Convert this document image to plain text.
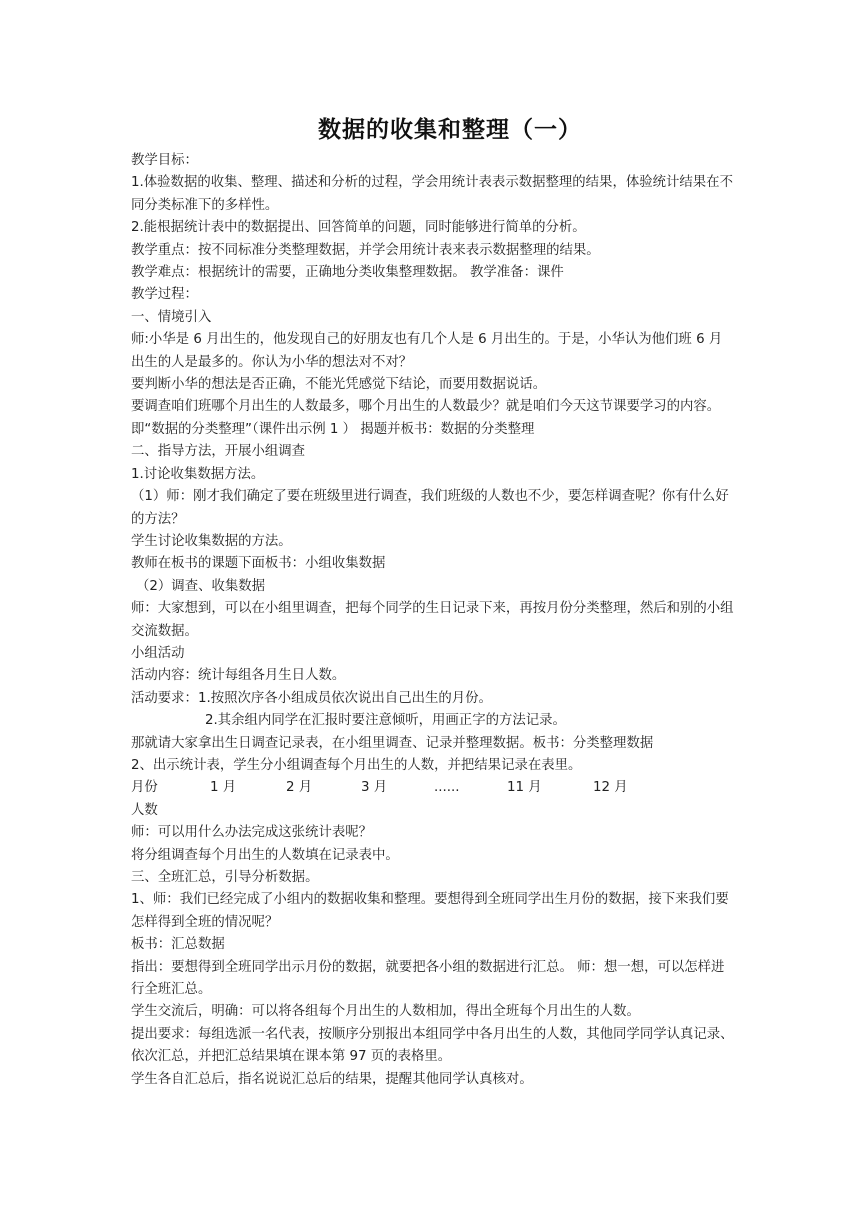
数据的收集和整理（一）

教学目标：

1.体验数据的收集、整理、描述和分析的过程，学会用统计表表示数据整理的结果，体验统计结果在不同分类标准下的多样性。

2.能根据统计表中的数据提出、回答简单的问题，同时能够进行简单的分析。

教学重点：按不同标准分类整理数据，并学会用统计表来表示数据整理的结果。

教学难点：根据统计的需要，正确地分类收集整理数据。 教学准备：课件

教学过程：

一、情境引入

师:小华是 6 月出生的，他发现自己的好朋友也有几个人是 6 月出生的。于是，小华认为他们班 6 月出生的人是最多的。你认为小华的想法对不对？

要判断小华的想法是否正确，不能光凭感觉下结论，而要用数据说话。

要调查咱们班哪个月出生的人数最多，哪个月出生的人数最少？就是咱们今天这节课要学习的内容。即“数据的分类整理”（课件出示例 1 ） 揭题并板书：数据的分类整理

二、指导方法，开展小组调查

1.讨论收集数据方法。

（1）师：刚才我们确定了要在班级里进行调查，我们班级的人数也不少，要怎样调查呢？你有什么好的方法？

学生讨论收集数据的方法。

教师在板书的课题下面板书：小组收集数据

（2）调查、收集数据

师：大家想到，可以在小组里调查，把每个同学的生日记录下来，再按月份分类整理，然后和别的小组交流数据。

小组活动

活动内容：统计每组各月生日人数。

活动要求：1.按照次序各小组成员依次说出自己出生的月份。

2.其余组内同学在汇报时要注意倾听，用画正字的方法记录。

那就请大家拿出生日调查记录表，在小组里调查、记录并整理数据。板书：分类整理数据

2、出示统计表，学生分小组调查每个月出生的人数，并把结果记录在表里。

月份	1 月	2 月	3 月	......	11 月	12 月

人数

师：可以用什么办法完成这张统计表呢？

将分组调查每个月出生的人数填在记录表中。

三、全班汇总，引导分析数据。

1、师：我们已经完成了小组内的数据收集和整理。要想得到全班同学出生月份的数据，接下来我们要怎样得到全班的情况呢？

板书：汇总数据

指出：要想得到全班同学出示月份的数据，就要把各小组的数据进行汇总。 师：想一想，可以怎样进行全班汇总。

学生交流后，明确：可以将各组每个月出生的人数相加，得出全班每个月出生的人数。

提出要求：每组选派一名代表，按顺序分别报出本组同学中各月出生的人数，其他同学同学认真记录、依次汇总，并把汇总结果填在课本第 97 页的表格里。

学生各自汇总后，指名说说汇总后的结果，提醒其他同学认真核对。
